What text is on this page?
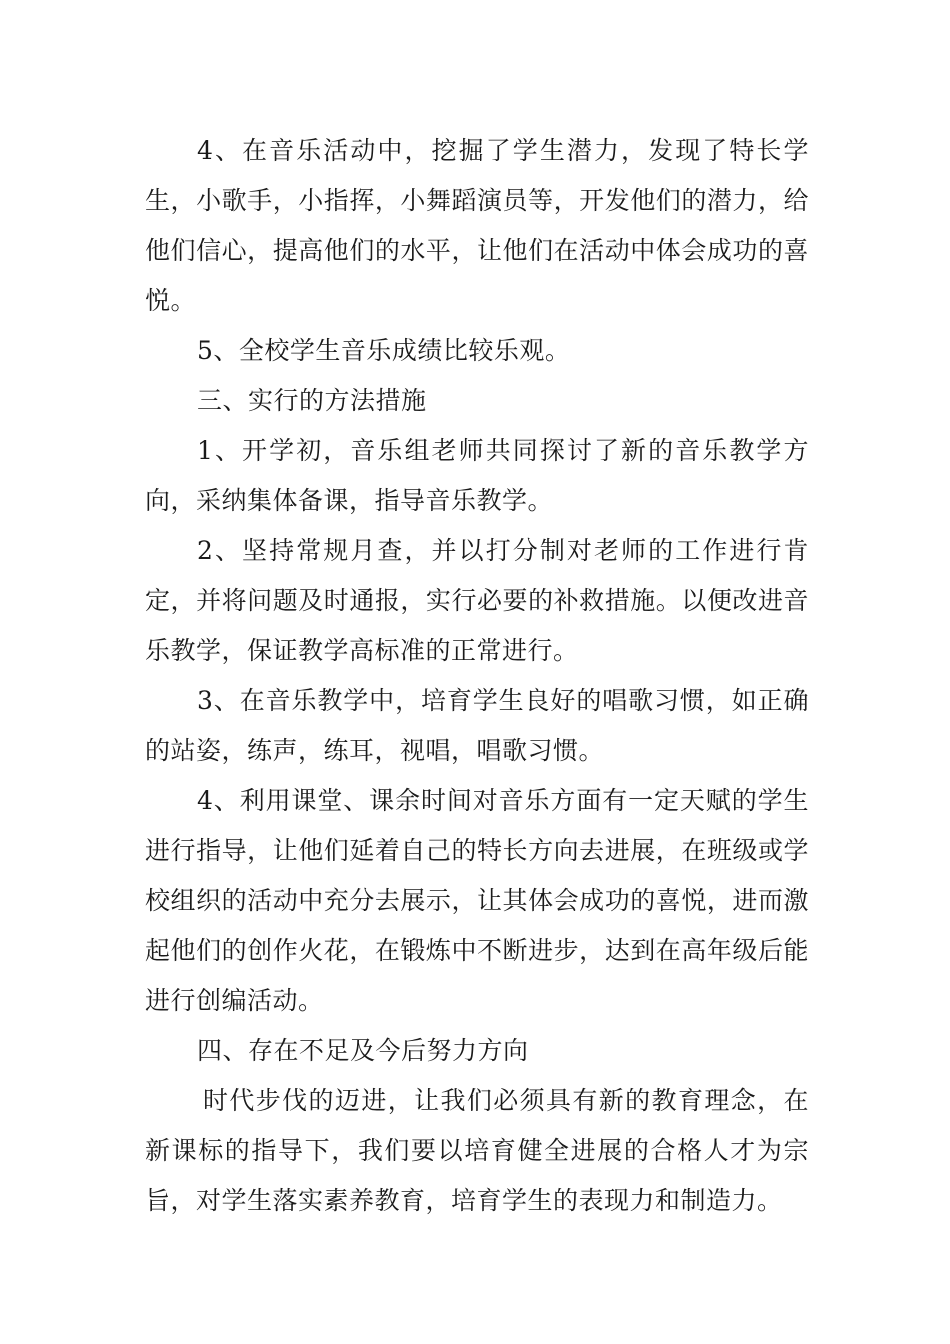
4、在音乐活动中，挖掘了学生潜力，发现了特长学生，小歌手，小指挥，小舞蹈演员等，开发他们的潜力，给他们信心，提高他们的水平，让他们在活动中体会成功的喜悦。

5、全校学生音乐成绩比较乐观。

三、实行的方法措施

1、开学初，音乐组老师共同探讨了新的音乐教学方向，采纳集体备课，指导音乐教学。

2、坚持常规月查，并以打分制对老师的工作进行肯定，并将问题及时通报，实行必要的补救措施。以便改进音乐教学，保证教学高标准的正常进行。

3、在音乐教学中，培育学生良好的唱歌习惯，如正确的站姿，练声，练耳，视唱，唱歌习惯。

4、利用课堂、课余时间对音乐方面有一定天赋的学生进行指导，让他们延着自己的特长方向去进展，在班级或学校组织的活动中充分去展示，让其体会成功的喜悦，进而激起他们的创作火花，在锻炼中不断进步，达到在高年级后能进行创编活动。

四、存在不足及今后努力方向

时代步伐的迈进，让我们必须具有新的教育理念，在新课标的指导下，我们要以培育健全进展的合格人才为宗旨，对学生落实素养教育，培育学生的表现力和制造力。
